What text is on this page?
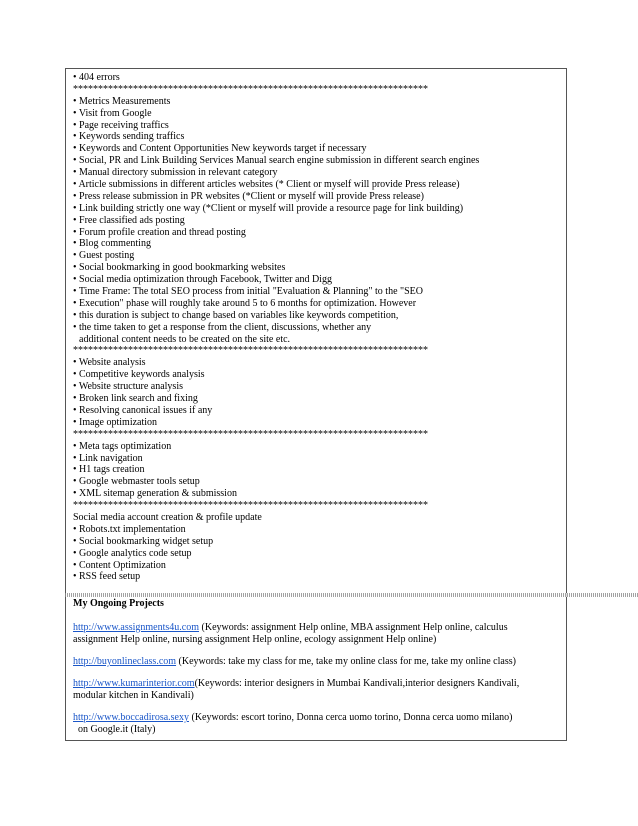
• 404 errors
***********************************************************************
• Metrics Measurements
• Visit from Google
• Page receiving traffics
• Keywords sending traffics
• Keywords and Content Opportunities New keywords target if necessary
• Social, PR and Link Building Services Manual search engine submission in different search engines
• Manual directory submission in relevant category
• Article submissions in different articles websites (* Client or myself will provide Press release)
• Press release submission in PR websites (*Client or myself will provide Press release)
• Link building strictly one way (*Client or myself will provide a resource page for link building)
• Free classified ads posting
• Forum profile creation and thread posting
• Blog commenting
• Guest posting
• Social bookmarking in good bookmarking websites
• Social media optimization through Facebook, Twitter and Digg
• Time Frame: The total SEO process from initial "Evaluation & Planning" to the "SEO
• Execution" phase will roughly take around 5 to 6 months for optimization. However
• this duration is subject to change based on variables like keywords competition,
• the time taken to get a response from the client, discussions, whether any
additional content needs to be created on the site etc.
***********************************************************************
• Website analysis
• Competitive keywords analysis
• Website structure analysis
• Broken link search and fixing
• Resolving canonical issues if any
• Image optimization
***********************************************************************
• Meta tags optimization
• Link navigation
• H1 tags creation
• Google webmaster tools setup
• XML sitemap generation & submission
***********************************************************************
Social media account creation & profile update
• Robots.txt implementation
• Social bookmarking widget setup
• Google analytics code setup
• Content Optimization
• RSS feed setup
My Ongoing Projects
http://www.assignments4u.com (Keywords: assignment Help online, MBA assignment Help online, calculus
assignment Help online, nursing assignment Help online, ecology assignment Help online)
http://buyonlineclass.com (Keywords: take my class for me, take my online class for me, take my online class)
http://www.kumarinterior.com(Keywords: interior designers in Mumbai Kandivali,interior designers Kandivali,
modular kitchen in Kandivali)
http://www.boccadirosa.sexy (Keywords: escort torino, Donna cerca uomo torino, Donna cerca uomo milano)
on Google.it (Italy)
